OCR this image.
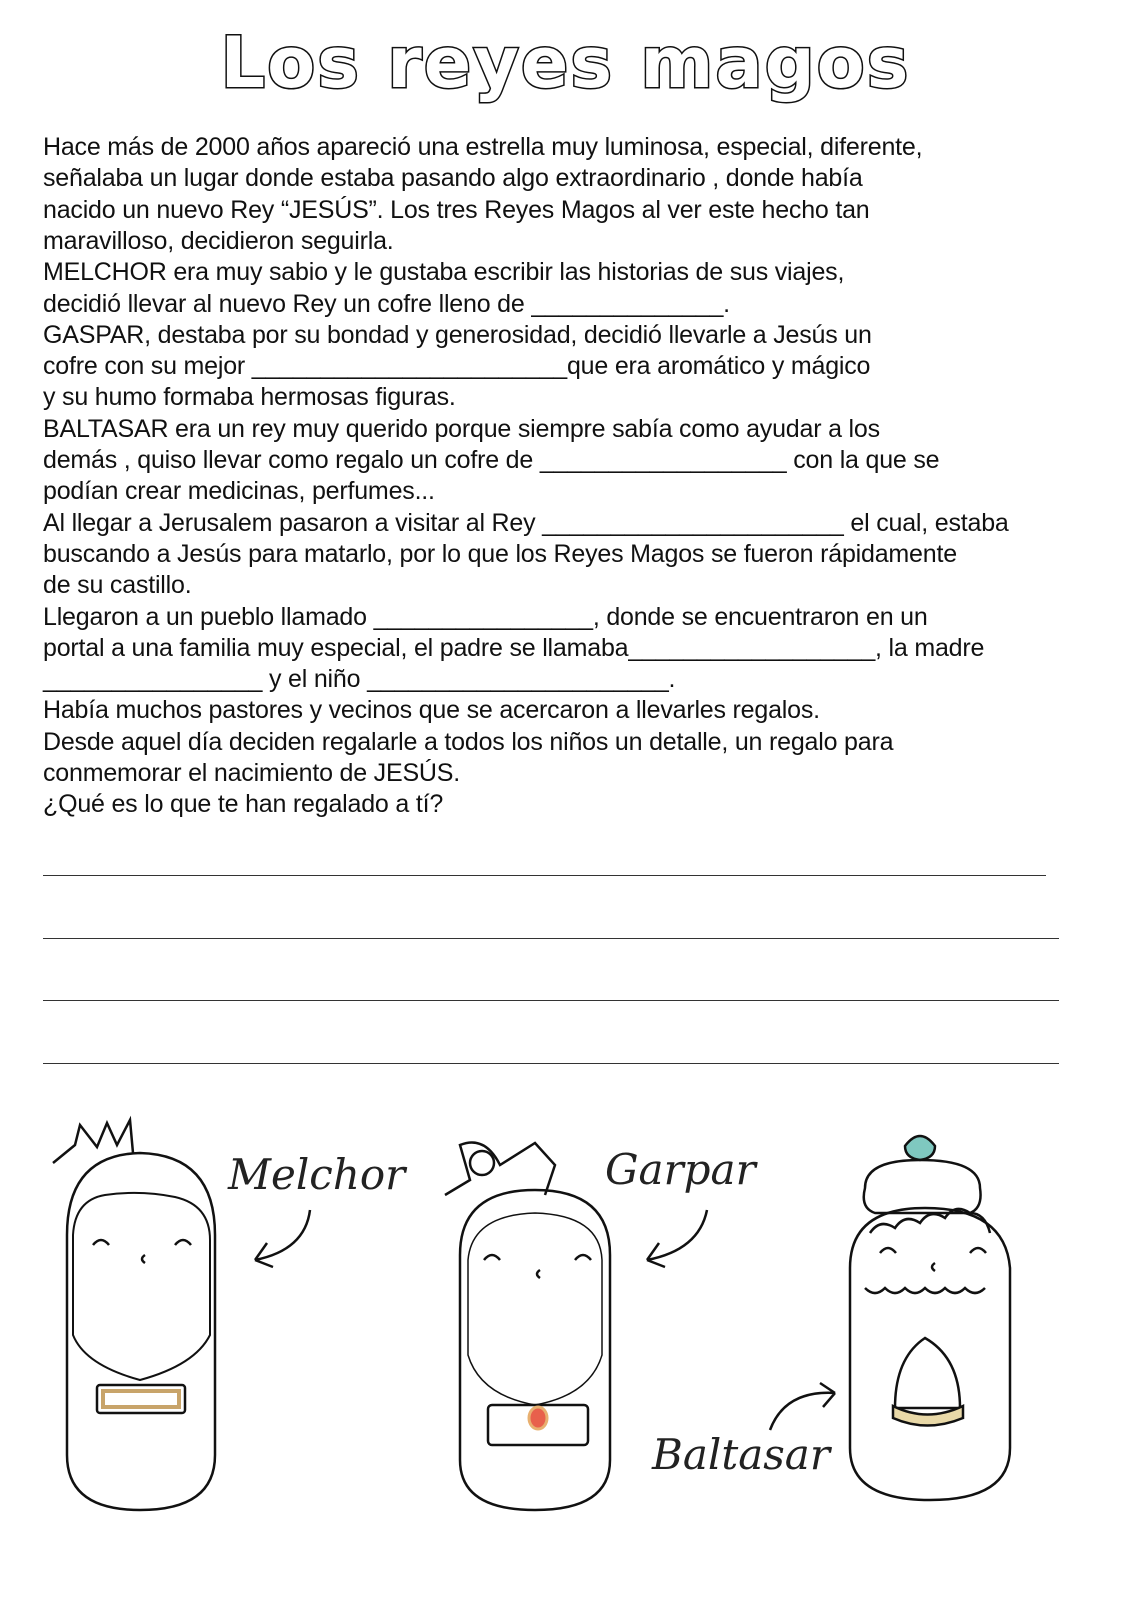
Los reyes magos
Hace más de 2000 años apareció una estrella muy luminosa, especial, diferente,
señalaba un lugar donde estaba pasando algo extraordinario , donde había
nacido un nuevo Rey “JESÚS”. Los tres Reyes Magos al ver este hecho tan
maravilloso, decidieron seguirla.
MELCHOR era muy sabio y le gustaba escribir las historias de sus viajes,
decidió llevar al nuevo Rey un cofre lleno de ______________.
GASPAR, destaba por su bondad y generosidad, decidió llevarle a Jesús un
cofre con su mejor _______________________que era aromático y mágico
y su humo formaba hermosas figuras.
BALTASAR era un rey muy querido porque siempre sabía como ayudar a los
demás , quiso llevar como regalo un cofre de __________________ con la que se
podían crear medicinas, perfumes...
Al llegar a Jerusalem pasaron a visitar al Rey ______________________ el cual, estaba
buscando a Jesús para matarlo, por lo que los Reyes Magos se fueron rápidamente
de su castillo.
Llegaron a un pueblo llamado ________________, donde se encuentraron en un
portal a una familia muy especial, el padre se llamaba__________________, la madre
________________ y el niño ______________________.
Había muchos pastores y vecinos que se acercaron a llevarles regalos.
Desde aquel día deciden regalarle a todos los niños un detalle, un regalo para
conmemorar el nacimiento de JESÚS.
¿Qué es lo que te han regalado a tí?
Melchor	Garpar
Baltasar
